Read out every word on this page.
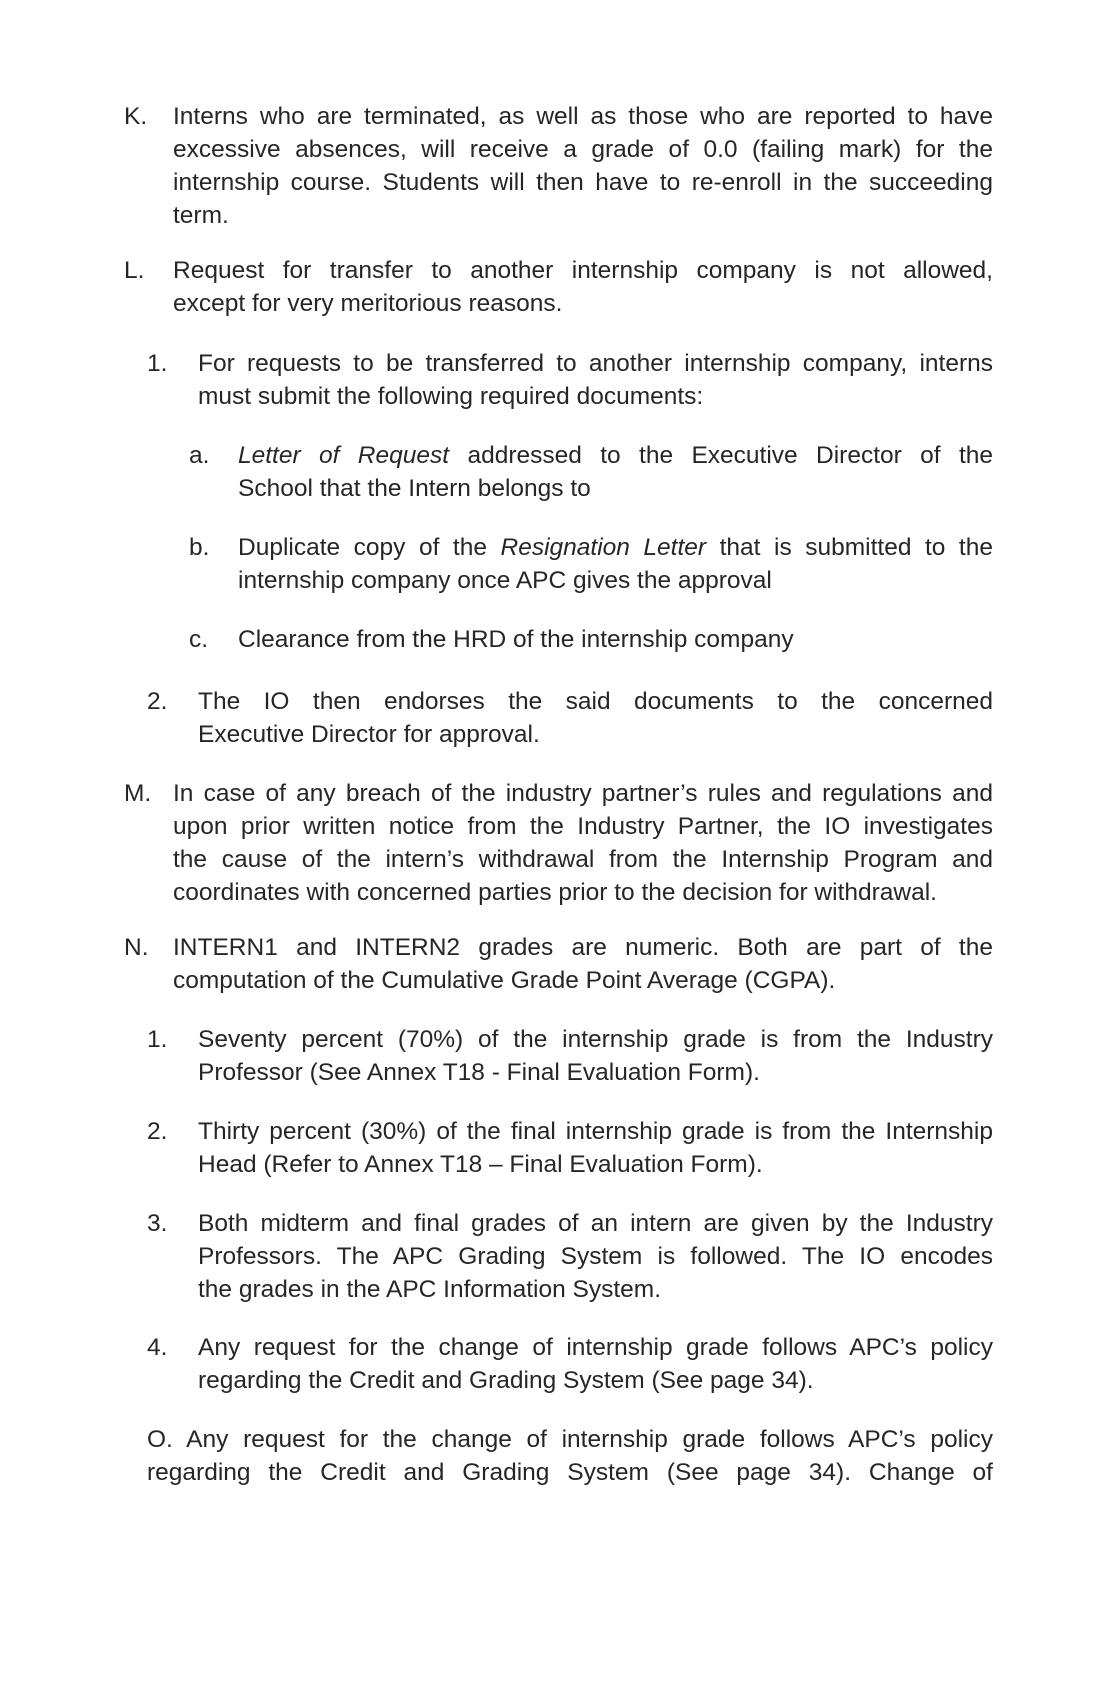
K. Interns who are terminated, as well as those who are reported to have
excessive absences, will receive a grade of 0.0 (failing mark) for the
internship course. Students will then have to re-enroll in the succeeding
term.
L. Request for transfer to another internship company is not allowed,
except for very meritorious reasons.
1. For requests to be transferred to another internship company, interns
must submit the following required documents:
a. Letter of Request addressed to the Executive Director of the
School that the Intern belongs to
b. Duplicate copy of the Resignation Letter that is submitted to the
internship company once APC gives the approval
c. Clearance from the HRD of the internship company
2. The IO then endorses the said documents to the concerned
Executive Director for approval.
M. In case of any breach of the industry partner’s rules and regulations and
upon prior written notice from the Industry Partner, the IO investigates
the cause of the intern’s withdrawal from the Internship Program and
coordinates with concerned parties prior to the decision for withdrawal.
N. INTERN1 and INTERN2 grades are numeric. Both are part of the
computation of the Cumulative Grade Point Average (CGPA).
1. Seventy percent (70%) of the internship grade is from the Industry
Professor (See Annex T18 - Final Evaluation Form).
2. Thirty percent (30%) of the final internship grade is from the Internship
Head (Refer to Annex T18 – Final Evaluation Form).
3. Both midterm and final grades of an intern are given by the Industry
Professors. The APC Grading System is followed. The IO encodes
the grades in the APC Information System.
4. Any request for the change of internship grade follows APC’s policy
regarding the Credit and Grading System (See page 34).
O. Any request for the change of internship grade follows APC’s policy
regarding the Credit and Grading System (See page 34). Change of
